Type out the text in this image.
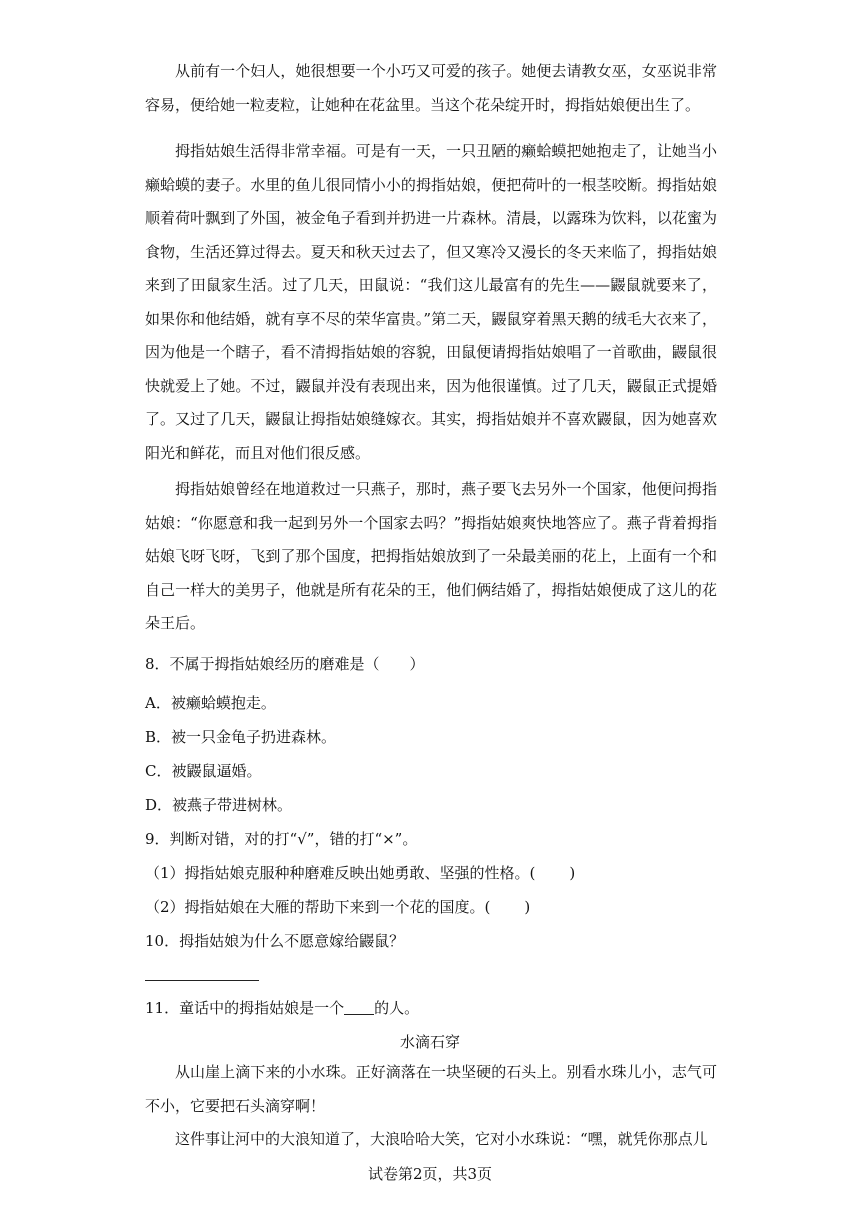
从前有一个妇人，她很想要一个小巧又可爱的孩子。她便去请教女巫，女巫说非常容易，便给她一粒麦粒，让她种在花盆里。当这个花朵绽开时，拇指姑娘便出生了。

拇指姑娘生活得非常幸福。可是有一天，一只丑陋的癞蛤蟆把她抱走了，让她当小癞蛤蟆的妻子。水里的鱼儿很同情小小的拇指姑娘，便把荷叶的一根茎咬断。拇指姑娘顺着荷叶飘到了外国，被金龟子看到并扔进一片森林。清晨，以露珠为饮料，以花蜜为食物，生活还算过得去。夏天和秋天过去了，但又寒冷又漫长的冬天来临了，拇指姑娘来到了田鼠家生活。过了几天，田鼠说：“我们这儿最富有的先生——鼹鼠就要来了，如果你和他结婚，就有享不尽的荣华富贵。”第二天，鼹鼠穿着黑天鹅的绒毛大衣来了，因为他是一个瞎子，看不清拇指姑娘的容貌，田鼠便请拇指姑娘唱了一首歌曲，鼹鼠很快就爱上了她。不过，鼹鼠并没有表现出来，因为他很谨慎。过了几天，鼹鼠正式提婚了。又过了几天，鼹鼠让拇指姑娘缝嫁衣。其实，拇指姑娘并不喜欢鼹鼠，因为她喜欢阳光和鲜花，而且对他们很反感。

拇指姑娘曾经在地道救过一只燕子，那时，燕子要飞去另外一个国家，他便问拇指姑娘：“你愿意和我一起到另外一个国家去吗？”拇指姑娘爽快地答应了。燕子背着拇指姑娘飞呀飞呀，飞到了那个国度，把拇指姑娘放到了一朵最美丽的花上，上面有一个和自己一样大的美男子，他就是所有花朵的王，他们俩结婚了，拇指姑娘便成了这儿的花朵王后。

8．不属于拇指姑娘经历的磨难是（　　）

A．被癞蛤蟆抱走。

B．被一只金龟子扔进森林。

C．被鼹鼠逼婚。

D．被燕子带进树林。

9．判断对错，对的打“√”，错的打“×”。

（1）拇指姑娘克服种种磨难反映出她勇敢、坚强的性格。( )

（2）拇指姑娘在大雁的帮助下来到一个花的国度。( )

10．拇指姑娘为什么不愿意嫁给鼹鼠？

11．童话中的拇指姑娘是一个 的人。

水滴石穿

从山崖上滴下来的小水珠。正好滴落在一块坚硬的石头上。别看水珠儿小，志气可不小，它要把石头滴穿啊！

这件事让河中的大浪知道了，大浪哈哈大笑，它对小水珠说：“嘿，就凭你那点儿

试卷第2页，共3页
